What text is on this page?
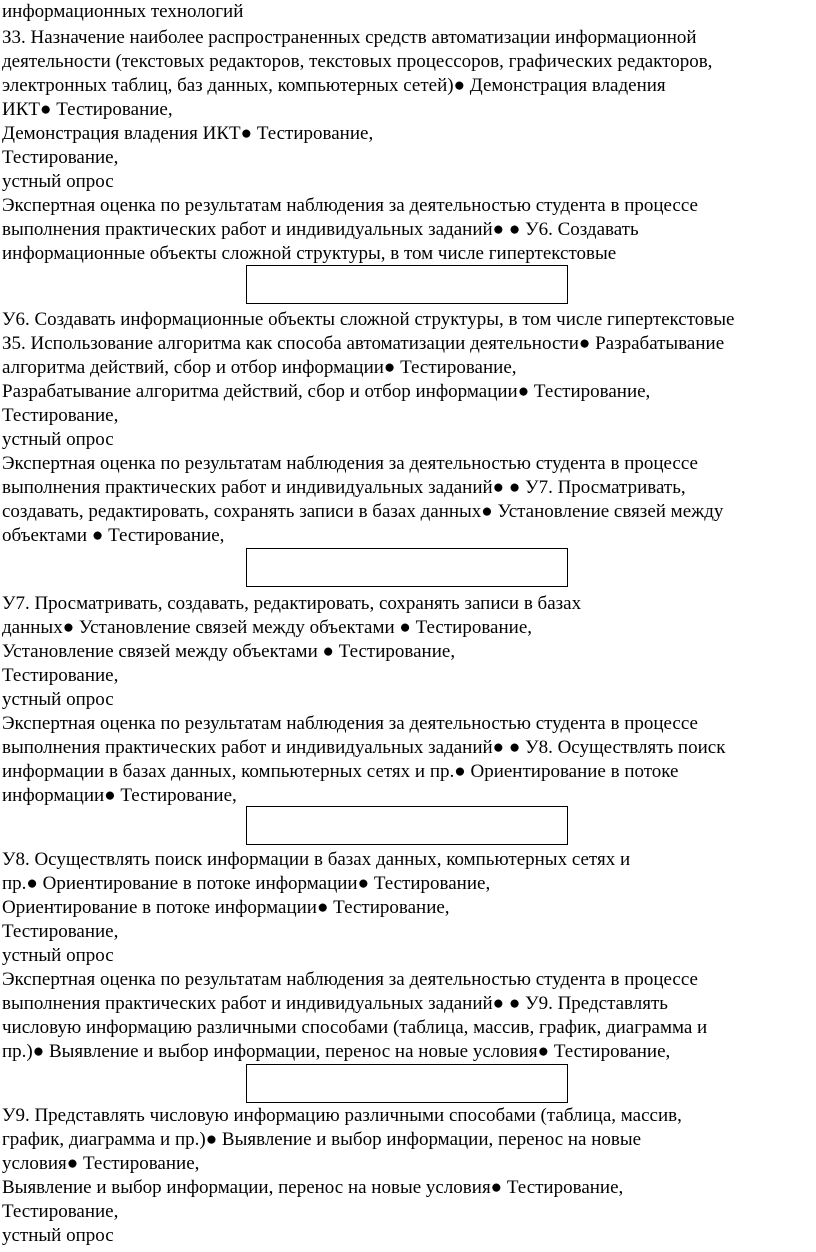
информационных технологий
З3. Назначение наиболее распространенных средств автоматизации информационной
деятельности (текстовых редакторов, текстовых процессоров, графических редакторов,
электронных таблиц, баз данных, компьютерных сетей)● Демонстрация владения
ИКТ● Тестирование,
Демонстрация владения ИКТ● Тестирование,
Тестирование,
устный опрос
Экспертная оценка по результатам наблюдения за деятельностью студента в процессе
выполнения практических работ и индивидуальных заданий● ● У6. Создавать
информационные объекты сложной структуры, в том числе гипертекстовые
У6. Создавать информационные объекты сложной структуры, в том числе гипертекстовые
З5. Использование алгоритма как способа автоматизации деятельности● Разрабатывание
алгоритма действий, сбор и отбор информации● Тестирование,
Разрабатывание алгоритма действий, сбор и отбор информации● Тестирование,
Тестирование,
устный опрос
Экспертная оценка по результатам наблюдения за деятельностью студента в процессе
выполнения практических работ и индивидуальных заданий● ● У7. Просматривать,
создавать, редактировать, сохранять записи в базах данных● Установление связей между
объектами ● Тестирование,
У7. Просматривать, создавать, редактировать, сохранять записи в базах
данных● Установление связей между объектами ● Тестирование,
Установление связей между объектами ● Тестирование,
Тестирование,
устный опрос
Экспертная оценка по результатам наблюдения за деятельностью студента в процессе
выполнения практических работ и индивидуальных заданий● ● У8. Осуществлять поиск
информации в базах данных, компьютерных сетях и пр.● Ориентирование в потоке
информации● Тестирование,
У8. Осуществлять поиск информации в базах данных, компьютерных сетях и
пр.● Ориентирование в потоке информации● Тестирование,
Ориентирование в потоке информации● Тестирование,
Тестирование,
устный опрос
Экспертная оценка по результатам наблюдения за деятельностью студента в процессе
выполнения практических работ и индивидуальных заданий● ● У9. Представлять
числовую информацию различными способами (таблица, массив, график, диаграмма и
пр.)● Выявление и выбор информации, перенос на новые условия● Тестирование,
У9. Представлять числовую информацию различными способами (таблица, массив,
график, диаграмма и пр.)● Выявление и выбор информации, перенос на новые
условия● Тестирование,
Выявление и выбор информации, перенос на новые условия● Тестирование,
Тестирование,
устный опрос
